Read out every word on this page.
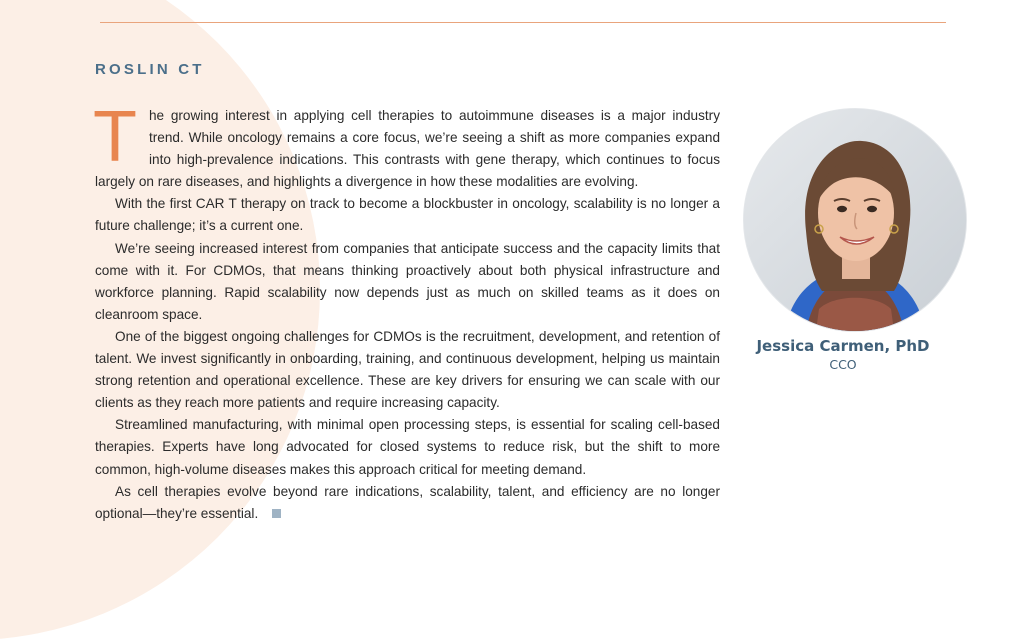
ROSLIN CT

The growing interest in applying cell therapies to autoimmune diseases is a major industry trend. While oncology remains a core focus, we’re seeing a shift as more companies expand into high-prevalence indications. This contrasts with gene therapy, which continues to focus largely on rare diseases, and highlights a divergence in how these modalities are evolving.

With the first CAR T therapy on track to become a blockbuster in oncology, scalability is no longer a future challenge; it’s a current one.

We’re seeing increased interest from companies that anticipate success and the capacity limits that come with it. For CDMOs, that means thinking proactively about both physical infrastructure and workforce planning. Rapid scalability now depends just as much on skilled teams as it does on cleanroom space.

One of the biggest ongoing challenges for CDMOs is the recruitment, development, and retention of talent. We invest significantly in onboarding, training, and continuous development, helping us maintain strong retention and operational excellence. These are key drivers for ensuring we can scale with our clients as they reach more patients and require increasing capacity.

Streamlined manufacturing, with minimal open processing steps, is essential for scaling cell-based therapies. Experts have long advocated for closed systems to reduce risk, but the shift to more common, high-volume diseases makes this approach critical for meeting demand.

As cell therapies evolve beyond rare indications, scalability, talent, and efficiency are no longer optional—they’re essential.

Jessica Carmen, PhD
CCO
